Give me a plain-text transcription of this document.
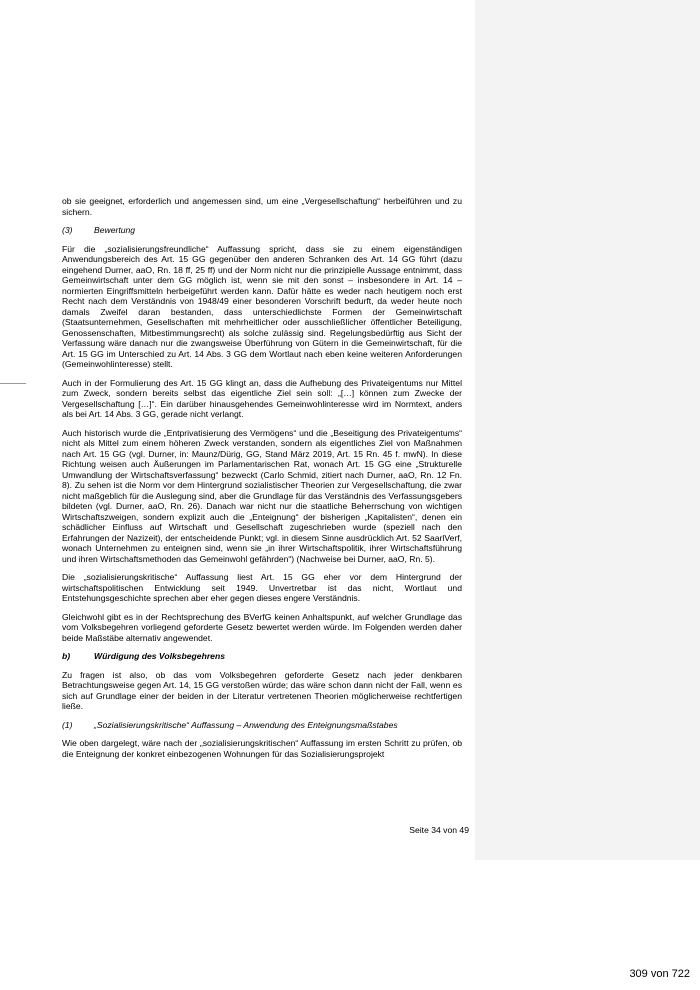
ob sie geeignet, erforderlich und angemessen sind, um eine „Vergesellschaftung“ herbeiführen und zu sichern.

(3) Bewertung

Für die „sozialisierungsfreundliche“ Auffassung spricht, dass sie zu einem eigenständigen Anwendungsbereich des Art. 15 GG gegenüber den anderen Schranken des Art. 14 GG führt (dazu eingehend Durner, aaO, Rn. 18 ff, 25 ff) und der Norm nicht nur die prinzipielle Aussage entnimmt, dass Gemeinwirtschaft unter dem GG möglich ist, wenn sie mit den sonst – insbesondere in Art. 14 – normierten Eingriffsmitteln herbeigeführt werden kann. Dafür hätte es weder nach heutigem noch erst Recht nach dem Verständnis von 1948/49 einer besonderen Vorschrift bedurft, da weder heute noch damals Zweifel daran bestanden, dass unterschiedlichste Formen der Gemeinwirtschaft (Staatsunternehmen, Gesellschaften mit mehrheitlicher oder ausschließlicher öffentlicher Beteiligung, Genossenschaften, Mitbestimmungsrecht) als solche zulässig sind. Regelungsbedürftig aus Sicht der Verfassung wäre danach nur die zwangsweise Überführung von Gütern in die Gemeinwirtschaft, für die Art. 15 GG im Unterschied zu Art. 14 Abs. 3 GG dem Wortlaut nach eben keine weiteren Anforderungen (Gemeinwohlinteresse) stellt.

Auch in der Formulierung des Art. 15 GG klingt an, dass die Aufhebung des Privateigentums nur Mittel zum Zweck, sondern bereits selbst das eigentliche Ziel sein soll: „[…] können zum Zwecke der Vergesellschaftung […]“. Ein darüber hinausgehendes Gemeinwohlinteresse wird im Normtext, anders als bei Art. 14 Abs. 3 GG, gerade nicht verlangt.

Auch historisch wurde die „Entprivatisierung des Vermögens“ und die „Beseitigung des Privateigentums“ nicht als Mittel zum einem höheren Zweck verstanden, sondern als eigentliches Ziel von Maßnahmen nach Art. 15 GG (vgl. Durner, in: Maunz/Dürig, GG, Stand März 2019, Art. 15 Rn. 45 f. mwN). In diese Richtung weisen auch Äußerungen im Parlamentarischen Rat, wonach Art. 15 GG eine „Strukturelle Umwandlung der Wirtschaftsverfassung“ bezweckt (Carlo Schmid, zitiert nach Durner, aaO, Rn. 12 Fn. 8). Zu sehen ist die Norm vor dem Hintergrund sozialistischer Theorien zur Vergesellschaftung, die zwar nicht maßgeblich für die Auslegung sind, aber die Grundlage für das Verständnis des Verfassungsgebers bildeten (vgl. Durner, aaO, Rn. 26). Danach war nicht nur die staatliche Beherrschung von wichtigen Wirtschaftszweigen, sondern explizit auch die „Enteignung“ der bisherigen „Kapitalisten“, denen ein schädlicher Einfluss auf Wirtschaft und Gesellschaft zugeschrieben wurde (speziell nach den Erfahrungen der Nazizeit), der entscheidende Punkt; vgl. in diesem Sinne ausdrücklich Art. 52 SaarlVerf, wonach Unternehmen zu enteignen sind, wenn sie „in ihrer Wirtschaftspolitik, ihrer Wirtschaftsführung und ihren Wirtschaftsmethoden das Gemeinwohl gefährden“) (Nachweise bei Durner, aaO, Rn. 5).

Die „sozialisierungskritische“ Auffassung liest Art. 15 GG eher vor dem Hintergrund der wirtschaftspolitischen Entwicklung seit 1949. Unvertretbar ist das nicht, Wortlaut und Entstehungsgeschichte sprechen aber eher gegen dieses engere Verständnis.

Gleichwohl gibt es in der Rechtsprechung des BVerfG keinen Anhaltspunkt, auf welcher Grundlage das vom Volksbegehren vorliegend geforderte Gesetz bewertet werden würde. Im Folgenden werden daher beide Maßstäbe alternativ angewendet.

b)	Würdigung des Volksbegehrens

Zu fragen ist also, ob das vom Volksbegehren geforderte Gesetz nach jeder denkbaren Betrachtungsweise gegen Art. 14, 15 GG verstoßen würde; das wäre schon dann nicht der Fall, wenn es sich auf Grundlage einer der beiden in der Literatur vertretenen Theorien möglicherweise rechtfertigen ließe.

(1) „Sozialisierungskritische“ Auffassung – Anwendung des Enteignungsmaßstabes

Wie oben dargelegt, wäre nach der „sozialisierungskritischen“ Auffassung im ersten Schritt zu prüfen, ob die Enteignung der konkret einbezogenen Wohnungen für das Sozialisierungsprojekt

Seite 34 von 49
309 von 722
